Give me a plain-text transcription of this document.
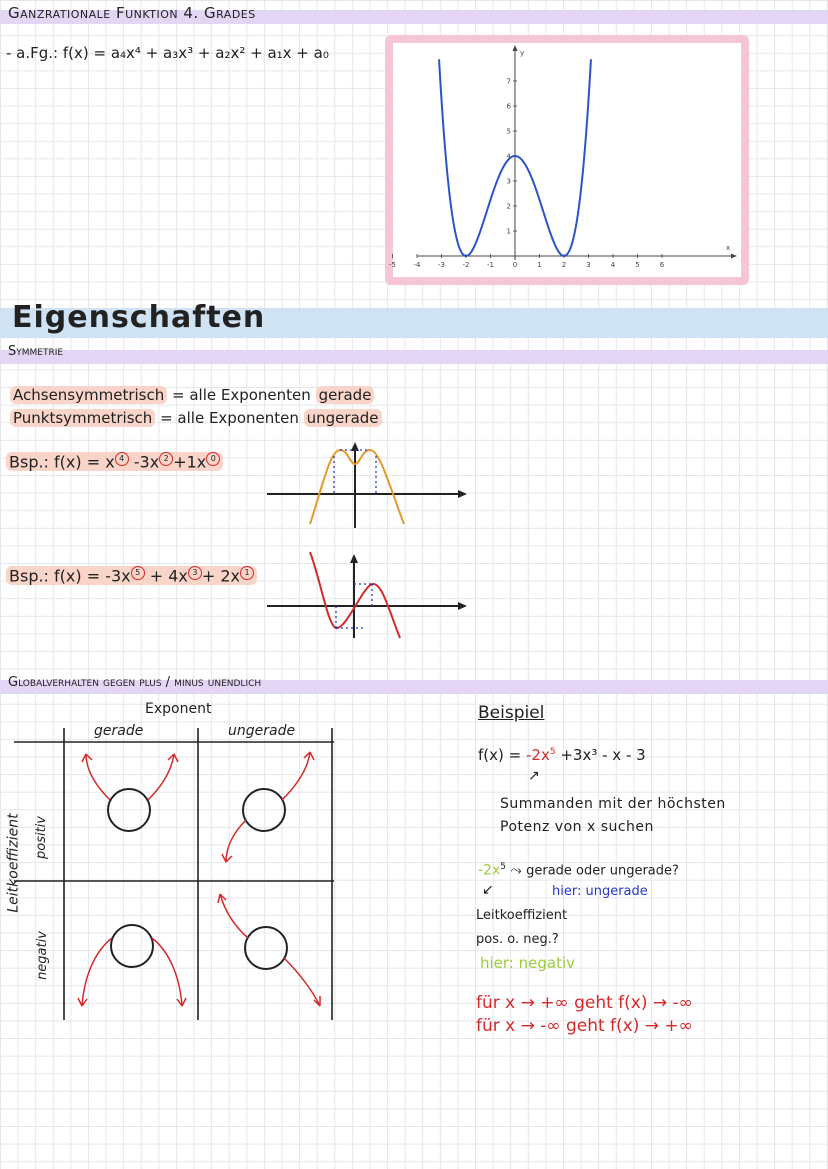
Ganzrationale Funktion 4. Grades
- a.Fg.: f(x) = a₄x⁴ + a₃x³ + a₂x² + a₁x + a₀	y
x
-5	-4	-3	-2	-1	0	1	2	3	4	5	6
1
2
3
4
5
6
7
Eigenschaften
Symmetrie
Achsensymmetrisch = alle Exponenten gerade
Punktsymmetrisch = alle Exponenten ungerade
Bsp.: f(x) = x 4 -3x 2 +1x 0
Bsp.: f(x) = -3x 5 + 4x 3 + 2x 1
Globalverhalten gegen plus / minus unendlich
Exponent
gerade	ungerade
Leitkoeffizient positiv
negativ
Beispiel
$f(x) = -2x^5 +3x^3 - x - 3$
↗
Summanden mit der höchsten
Potenz von x suchen
$-2x^5$ ⤳ gerade oder ungerade?
↙	hier: ungerade
Leitkoeffizient
pos. o. neg.?
hier: negativ
für x → +∞ geht f(x) → -∞
für x → -∞ geht f(x) → +∞
